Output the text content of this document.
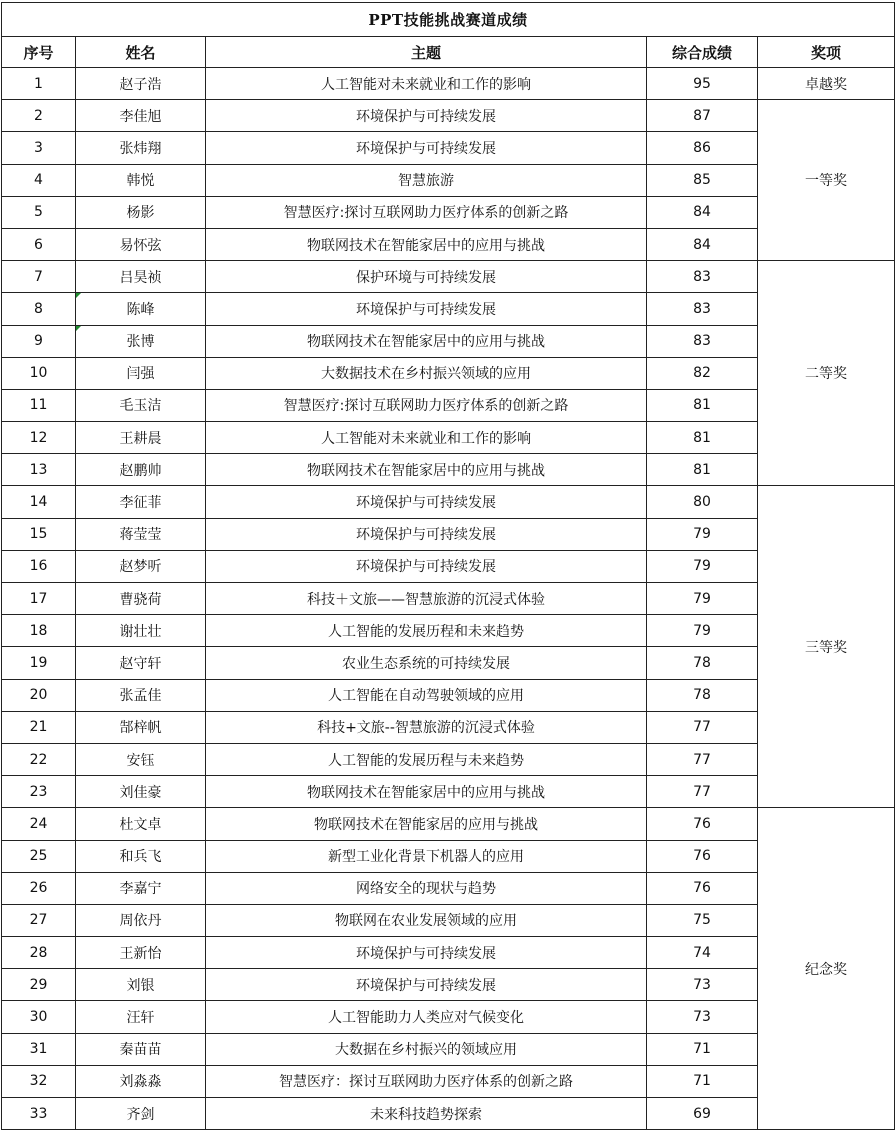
PPT技能挑战赛道成绩				
序号	姓名	主题	综合成绩	奖项
1	赵子浩	人工智能对未来就业和工作的影响	95	卓越奖
2	李佳旭	环境保护与可持续发展	87	一等奖
3	张炜翔	环境保护与可持续发展	86	
4	韩悦	智慧旅游	85	
5	杨影	智慧医疗:探讨互联网助力医疗体系的创新之路	84	
6	易怀弦	物联网技术在智能家居中的应用与挑战	84	
7	吕昊祯	保护环境与可持续发展	83	二等奖
8	陈峰	环境保护与可持续发展	83	
9	张博	物联网技术在智能家居中的应用与挑战	83	
10	闫强	大数据技术在乡村振兴领域的应用	82	
11	毛玉洁	智慧医疗:探讨互联网助力医疗体系的创新之路	81	
12	王耕晨	人工智能对未来就业和工作的影响	81	
13	赵鹏帅	物联网技术在智能家居中的应用与挑战	81	
14	李征菲	环境保护与可持续发展	80	三等奖
15	蒋莹莹	环境保护与可持续发展	79	
16	赵梦听	环境保护与可持续发展	79	
17	曹骁荷	科技＋文旅——智慧旅游的沉浸式体验	79	
18	谢壮壮	人工智能的发展历程和未来趋势	79	
19	赵守轩	农业生态系统的可持续发展	78	
20	张孟佳	人工智能在自动驾驶领域的应用	78	
21	郜梓帆	科技+文旅--智慧旅游的沉浸式体验	77	
22	安钰	人工智能的发展历程与未来趋势	77	
23	刘佳豪	物联网技术在智能家居中的应用与挑战	77	
24	杜文卓	物联网技术在智能家居的应用与挑战	76	纪念奖
25	和兵飞	新型工业化背景下机器人的应用	76	
26	李嘉宁	网络安全的现状与趋势	76	
27	周依丹	物联网在农业发展领域的应用	75	
28	王新怡	环境保护与可持续发展	74	
29	刘银	环境保护与可持续发展	73	
30	汪轩	人工智能助力人类应对气候变化	73	
31	秦苗苗	大数据在乡村振兴的领域应用	71	
32	刘淼淼	智慧医疗：探讨互联网助力医疗体系的创新之路	71	
33	齐剑	未来科技趋势探索	69	
